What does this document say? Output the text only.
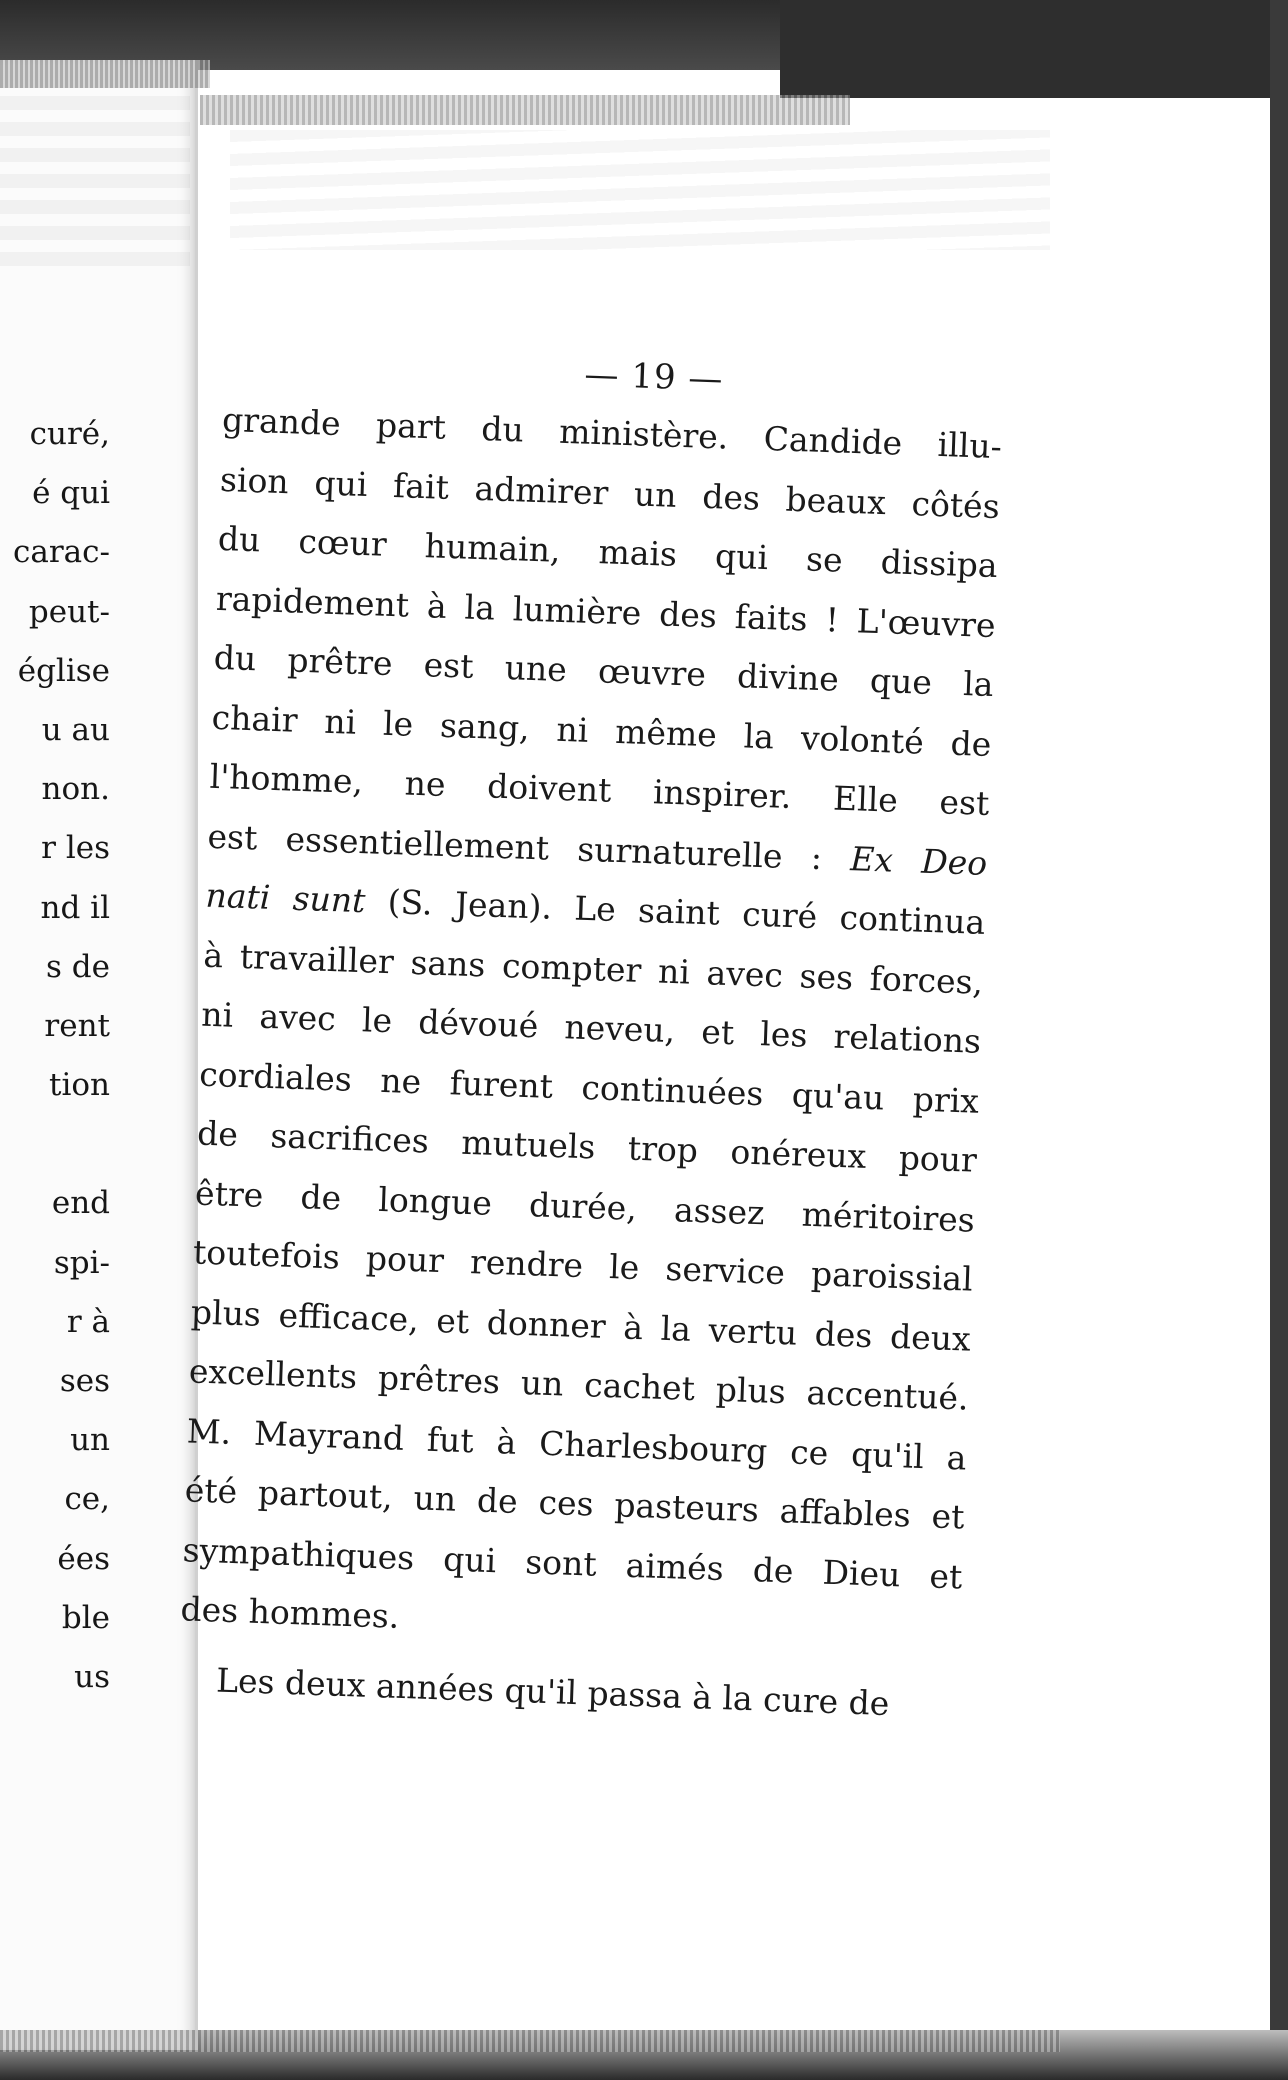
curé,
é qui
carac-
peut-
église
u au
non.
r les
nd il
s de
rent
tion
end
spi-
r à
ses
un
ce,
ées
ble
us
— 19 —
grande part du ministère. Candide illu-
sion qui fait admirer un des beaux côtés
du cœur humain, mais qui se dissipa
rapidement à la lumière des faits ! L'œuvre
du prêtre est une œuvre divine que la
chair ni le sang, ni même la volonté de
l'homme, ne doivent inspirer. Elle est
est essentiellement surnaturelle : Ex Deo
nati sunt (S. Jean). Le saint curé continua
à travailler sans compter ni avec ses forces,
ni avec le dévoué neveu, et les relations
cordiales ne furent continuées qu'au prix
de sacrifices mutuels trop onéreux pour
être de longue durée, assez méritoires
toutefois pour rendre le service paroissial
plus efficace, et donner à la vertu des deux
excellents prêtres un cachet plus accentué.
M. Mayrand fut à Charlesbourg ce qu'il a
été partout, un de ces pasteurs affables et
sympathiques qui sont aimés de Dieu et
des hommes.

Les deux années qu'il passa à la cure de
